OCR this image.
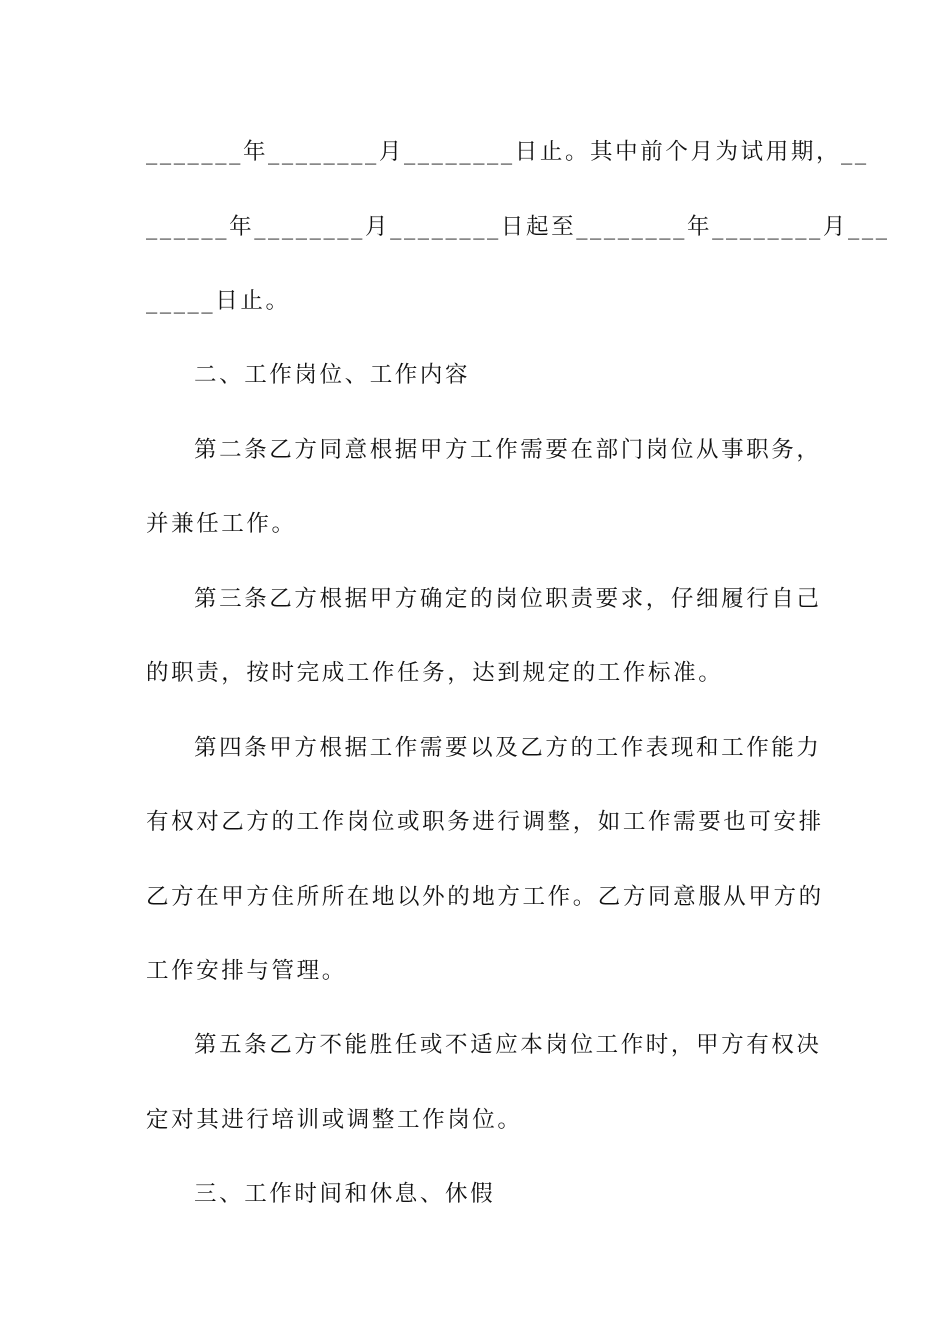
_______年________月________日止。其中前个月为试用期，__
______年________月________日起至________年________月___
_____日止。
二、工作岗位、工作内容
第二条乙方同意根据甲方工作需要在部门岗位从事职务，
并兼任工作。
第三条乙方根据甲方确定的岗位职责要求，仔细履行自己
的职责，按时完成工作任务，达到规定的工作标准。
第四条甲方根据工作需要以及乙方的工作表现和工作能力
有权对乙方的工作岗位或职务进行调整，如工作需要也可安排
乙方在甲方住所所在地以外的地方工作。乙方同意服从甲方的
工作安排与管理。
第五条乙方不能胜任或不适应本岗位工作时，甲方有权决
定对其进行培训或调整工作岗位。
三、工作时间和休息、休假
